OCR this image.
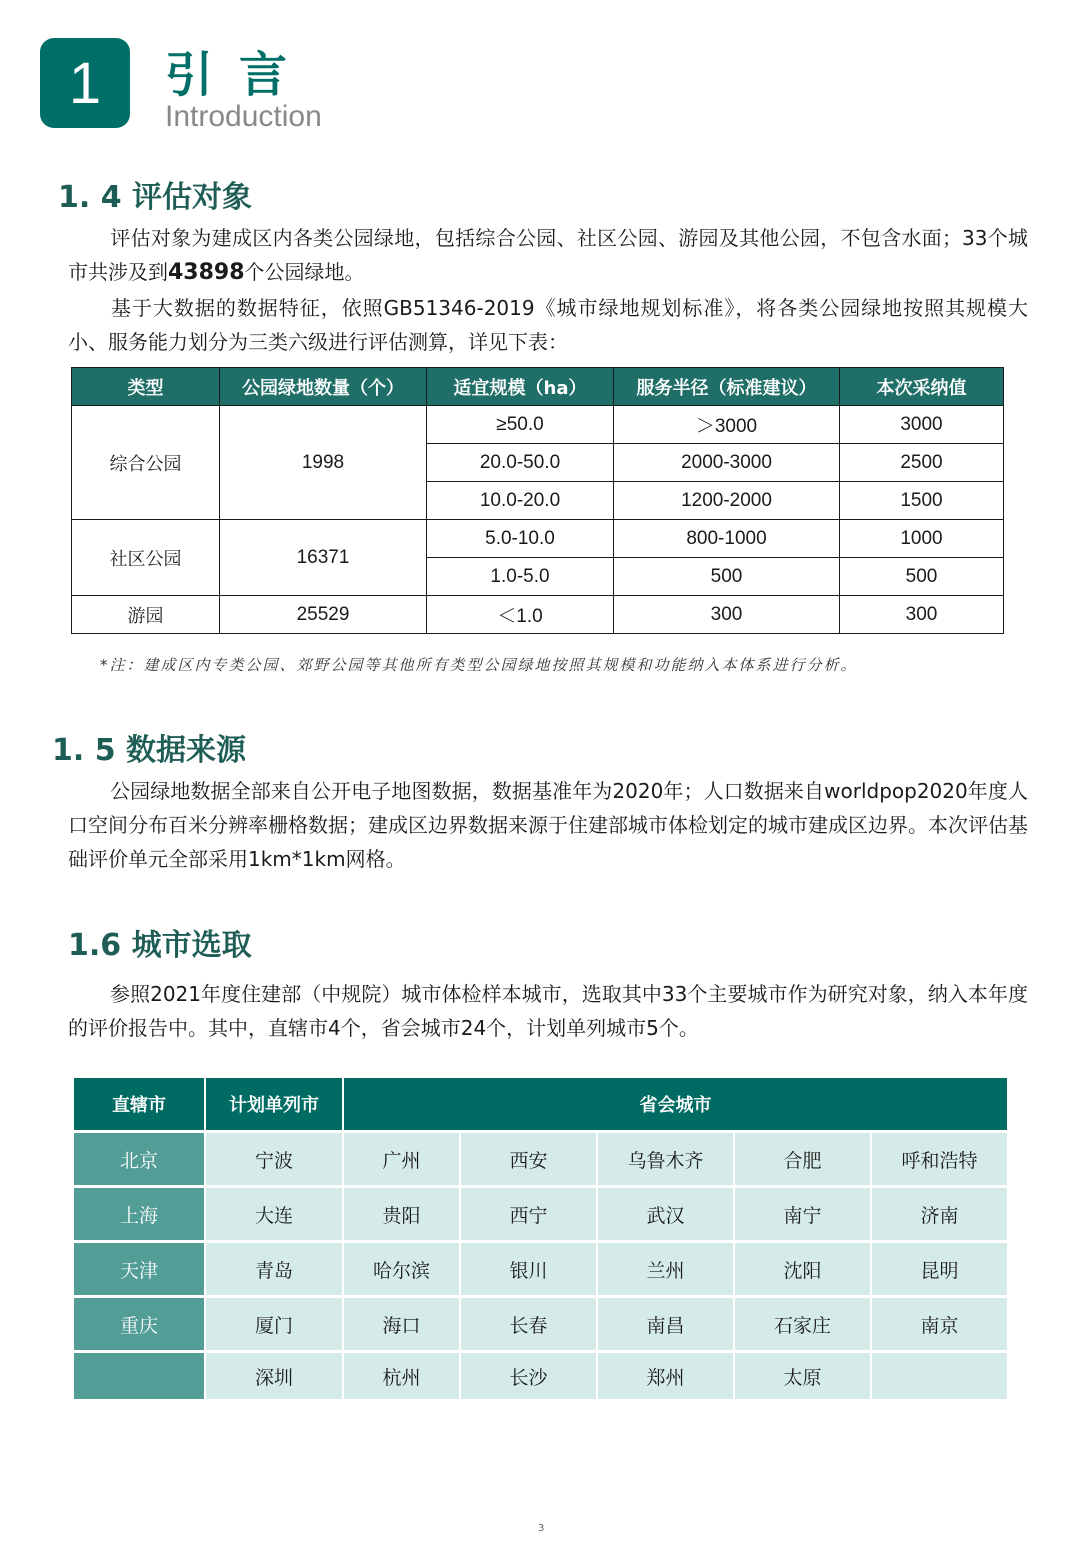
1 引言
Introduction
1. 4 评估对象

评估对象为建成区内各类公园绿地，包括综合公园、社区公园、游园及其他公园，不包含水面；33个城市共涉及到43898个公园绿地。

基于大数据的数据特征，依照GB51346-2019《城市绿地规划标准》，将各类公园绿地按照其规模大小、服务能力划分为三类六级进行评估测算，详见下表：

类型	公园绿地数量（个）	适宜规模（ha）	服务半径（标准建议）	本次采纳值
综合公园	1998	≥50.0	＞3000	3000
		20.0-50.0	2000-3000	2500
		10.0-20.0	1200-2000	1500
社区公园	16371	5.0-10.0	800-1000	1000
		1.0-5.0	500	500
游园	25529	＜1.0	300	300
*注：建成区内专类公园、郊野公园等其他所有类型公园绿地按照其规模和功能纳入本体系进行分析。
1. 5 数据来源

公园绿地数据全部来自公开电子地图数据，数据基准年为2020年；人口数据来自worldpop2020年度人口空间分布百米分辨率栅格数据；建成区边界数据来源于住建部城市体检划定的城市建成区边界。本次评估基础评价单元全部采用1km*1km网格。

1.6 城市选取

参照2021年度住建部（中规院）城市体检样本城市，选取其中33个主要城市作为研究对象，纳入本年度的评价报告中。其中，直辖市4个，省会城市24个，计划单列城市5个。

直辖市	计划单列市	省会城市				
北京	宁波	广州	西安	乌鲁木齐	合肥	呼和浩特
上海	大连	贵阳	西宁	武汉	南宁	济南
天津	青岛	哈尔滨	银川	兰州	沈阳	昆明
重庆	厦门	海口	长春	南昌	石家庄	南京
	深圳	杭州	长沙	郑州	太原	
3
